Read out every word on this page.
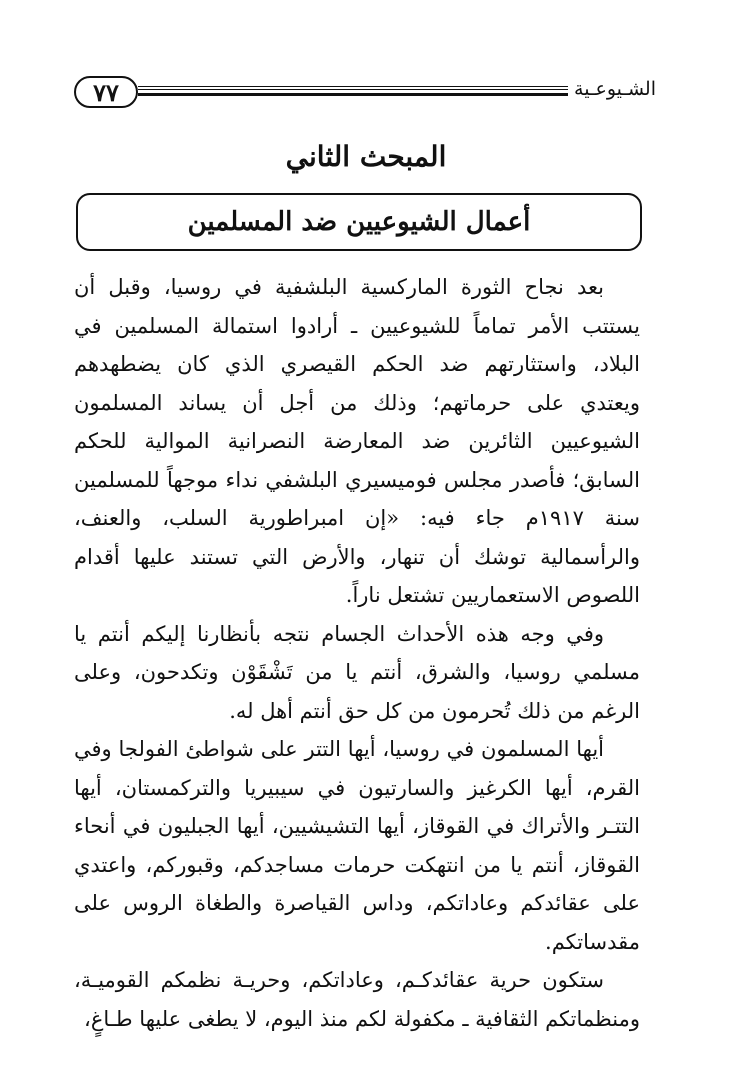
٧٧	الشـيوعـية
المبحث الثاني
أعمال الشيوعيين ضد المسلمين

بعد نجاح الثورة الماركسية البلشفية في روسيا، وقبل أن يستتب الأمر تماماً للشيوعيين ـ أرادوا استمالة المسلمين في البلاد، واستثارتهم ضد الحكم القيصري الذي كان يضطهدهم ويعتدي على حرماتهم؛ وذلك من أجل أن يساند المسلمون الشيوعيين الثائرين ضد المعارضة النصرانية الموالية للحكم السابق؛ فأصدر مجلس فوميسيري البلشفي نداء موجهاً للمسلمين سنة ١٩١٧م جاء فيه: «إن امبراطورية السلب، والعنف، والرأسمالية توشك أن تنهار، والأرض التي تستند عليها أقدام اللصوص الاستعماريين تشتعل ناراً.

وفي وجه هذه الأحداث الجسام نتجه بأنظارنا إليكم أنتم يا مسلمي روسيا، والشرق، أنتم يا من تَشْقَوْن وتكدحون، وعلى الرغم من ذلك تُحرمون من كل حق أنتم أهل له.

أيها المسلمون في روسيا، أيها التتر على شواطئ الفولجا وفي القرم، أيها الكرغيز والسارتيون في سيبيريا والتركمستان، أيها التتـر والأتراك في القوقاز، أيها التشيشيين، أيها الجبليون في أنحاء القوقاز، أنتم يا من انتهكت حرمات مساجدكم، وقبوركم، واعتدي على عقائدكم وعاداتكم، وداس القياصرة والطغاة الروس على مقدساتكم.

ستكون حرية عقائدكـم، وعاداتكم، وحريـة نظمكم القوميـة، ومنظماتكم الثقافية ـ مكفولة لكم منذ اليوم، لا يطغى عليها طـاغٍ،
